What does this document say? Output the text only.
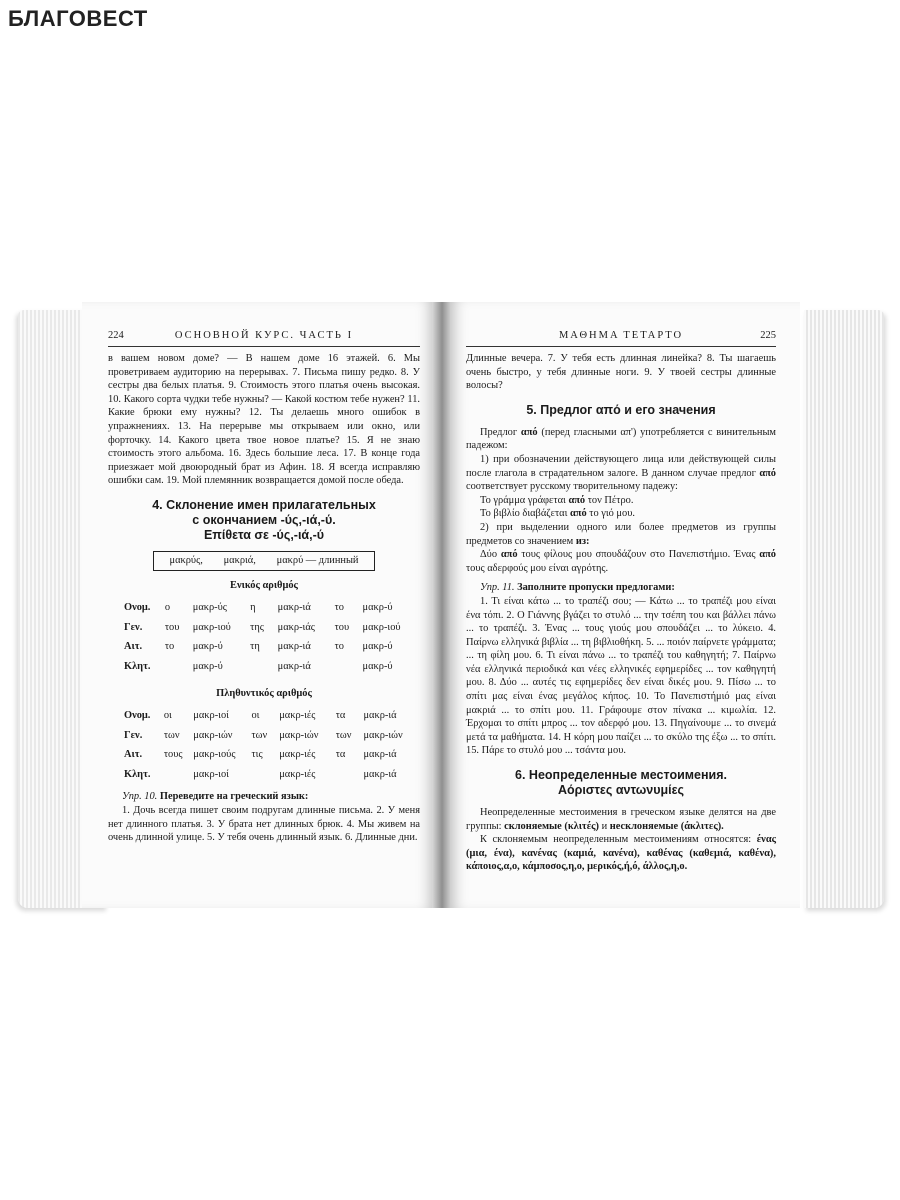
БЛАГОВЕСТ
224	ОСНОВНОЙ КУРС. ЧАСТЬ I

в вашем новом доме? — В нашем доме 16 этажей. 6. Мы проветриваем аудиторию на перерывах. 7. Письма пишу редко. 8. У сестры два белых платья. 9. Стоимость этого платья очень высокая. 10. Какого сорта чудки тебе нужны? — Какой костюм тебе нужен? 11. Какие брюки ему нужны? 12. Ты делаешь много ошибок в упражнениях. 13. На перерыве мы открываем или окно, или форточку. 14. Какого цвета твое новое платье? 15. Я не знаю стоимость этого альбома. 16. Здесь большие леса. 17. В конце года приезжает мой двоюродный брат из Афин. 18. Я всегда исправляю ошибки сам. 19. Мой племянник возвращается домой после обеда.

4. Склонение имен прилагательных
с окончанием -ύς,-ιά,-ύ.
Επίθετα σε -ύς,-ιά,-ύ
μακρύς,        μακριά,        μακρύ — длинный
Ενικός αριθμός
Ονομ.	ο	μακρ-ύς	η	μακρ-ιά	το	μακρ-ύ
Γεν.	του	μακρ-ιού	της	μακρ-ιάς	του	μακρ-ιού
Αιτ.	το	μακρ-ύ	τη	μακρ-ιά	το	μακρ-ύ
Κλητ.		μακρ-ύ		μακρ-ιά		μακρ-ύ
Πληθυντικός αριθμός
Ονομ.	οι	μακρ-ιοί	οι	μακρ-ιές	τα	μακρ-ιά
Γεν.	των	μακρ-ιών	των	μακρ-ιών	των	μακρ-ιών
Αιτ.	τους	μακρ-ιούς	τις	μακρ-ιές	τα	μακρ-ιά
Κλητ.		μακρ-ιοί		μακρ-ιές		μακρ-ιά

Упр. 10. Переведите на греческий язык:

1. Дочь всегда пишет своим подругам длинные письма. 2. У меня нет длинного платья. 3. У брата нет длинных брюк. 4. Мы живем на очень длинной улице. 5. У тебя очень длинный язык. 6. Длинные дни.

ΜΑΘΗΜΑ ΤΕΤΑΡΤΟ	225

Длинные вечера. 7. У тебя есть длинная линейка? 8. Ты шагаешь очень быстро, у тебя длинные ноги. 9. У твоей сестры длинные волосы?

5. Предлог από и его значения

Предлог από (перед гласными απ') употребляется с винительным падежом:

1) при обозначении действующего лица или действующей силы после глагола в страдательном залоге. В данном случае предлог από соответствует русскому творительному падежу:

Το γράμμα γράφεται από τον Πέτρο.

Το βιβλίο διαβάζεται από το γιό μου.

2) при выделении одного или более предметов из группы предметов со значением из:

Δύο από τους φίλους μου σπουδάζουν στο Πανεπιστήμιο. Ένας από τους αδερφούς μου είναι αγρότης.

Упр. 11. Заполните пропуски предлогами:

1. Τι είναι κάτω ... το τραπέζι σου; — Κάτω ... το τραπέζι μου είναι ένα τόπι. 2. Ο Γιάννης βγάζει το στυλό ... την τσέπη του και βάλλει πάνω ... το τραπέζι. 3. Ένας ... τους γιούς μου σπουδάζει ... το λύκειο. 4. Παίρνω ελληνικά βιβλία ... τη βιβλιοθήκη. 5. ... ποιόν παίρνετε γράμματα; ... τη φίλη μου. 6. Τι είναι πάνω ... το τραπέζι του καθηγητή; 7. Παίρνω νέα ελληνικά περιοδικά και νέες ελληνικές εφημερίδες ... τον καθηγητή μου. 8. Δύο ... αυτές τις εφημερίδες δεν είναι δικές μου. 9. Πίσω ... το σπίτι μας είναι ένας μεγάλος κήπος. 10. Το Πανεπιστήμιό μας είναι μακριά ... το σπίτι μου. 11. Γράφουμε στον πίνακα ... κιμωλία. 12. Έρχομαι το σπίτι μπρος ... τον αδερφό μου. 13. Πηγαίνουμε ... το σινεμά μετά τα μαθήματα. 14. Η κόρη μου παίζει ... το σκύλο της έξω ... το σπίτι. 15. Πάρε το στυλό μου ... τσάντα μου.

6. Неопределенные местоимения.
Αόριστες αντωνυμίες

Неопределенные местоимения в греческом языке делятся на две группы: склоняемые (κλιτές) и несклоняемые (άκλιτες).

К склоняемым неопределенным местоимениям относятся: ένας (μια, ένα), κανένας (καμιά, κανένα), καθένας (καθεμιά, καθένα), κάποιος,α,ο, κάμποσος,η,ο, μερικός,ή,ό, άλλος,η,ο.
